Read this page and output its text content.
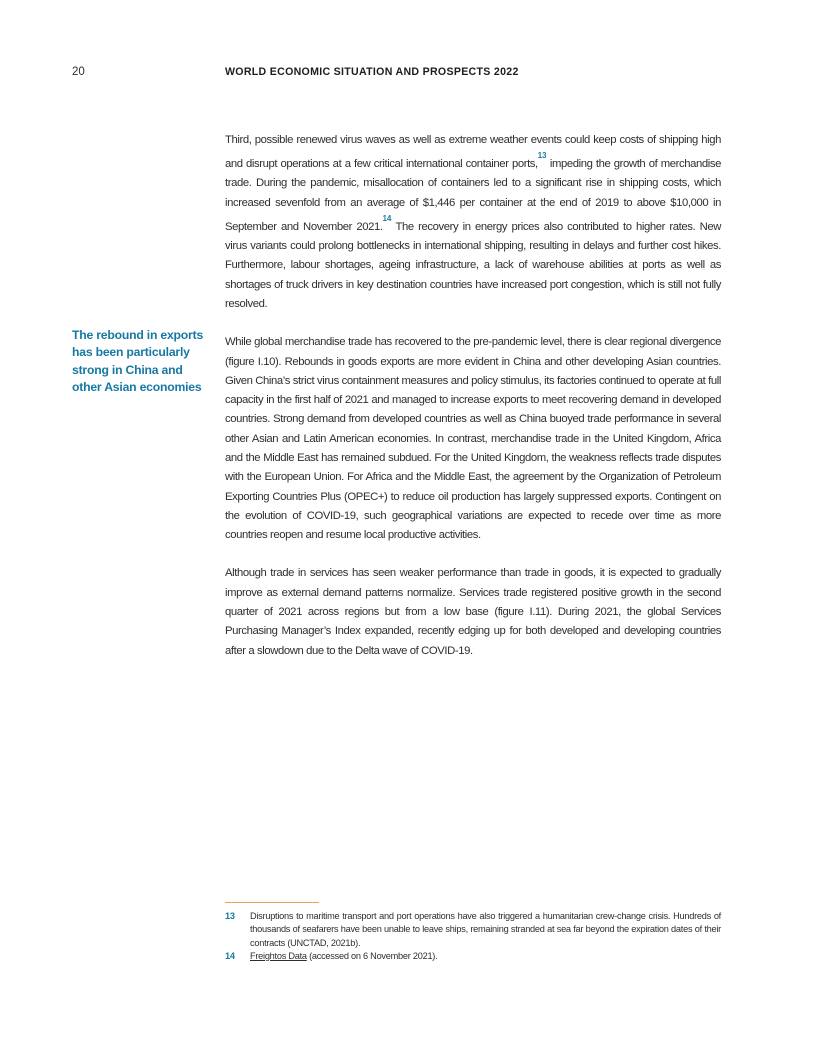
20	WORLD ECONOMIC SITUATION AND PROSPECTS 2022
The rebound in exports has been particularly strong in China and other Asian economies

Third, possible renewed virus waves as well as extreme weather events could keep costs of shipping high and disrupt operations at a few critical international container ports,$^{13}$ impeding the growth of merchandise trade. During the pandemic, misallocation of containers led to a significant rise in shipping costs, which increased sevenfold from an average of $1,446 per container at the end of 2019 to above $10,000 in September and November 2021.14 The recovery in energy prices also contributed to higher rates. New virus variants could prolong bottlenecks in international shipping, resulting in delays and further cost hikes. Furthermore, labour shortages, ageing infrastructure, a lack of warehouse abilities at ports as well as shortages of truck drivers in key destination countries have increased port congestion, which is still not fully resolved.

While global merchandise trade has recovered to the pre-pandemic level, there is clear regional divergence (figure I.10). Rebounds in goods exports are more evident in China and other developing Asian countries. Given China’s strict virus containment measures and policy stimulus, its factories continued to operate at full capacity in the first half of 2021 and managed to increase exports to meet recovering demand in developed countries. Strong demand from developed countries as well as China buoyed trade performance in several other Asian and Latin American economies. In contrast, merchandise trade in the United Kingdom, Africa and the Middle East has remained subdued. For the United Kingdom, the weakness reflects trade disputes with the European Union. For Africa and the Middle East, the agreement by the Organization of Petroleum Exporting Countries Plus (OPEC+) to reduce oil production has largely suppressed exports. Contingent on the evolution of COVID-19, such geographical variations are expected to recede over time as more countries reopen and resume local productive activities.

Although trade in services has seen weaker performance than trade in goods, it is expected to gradually improve as external demand patterns normalize. Services trade registered positive growth in the second quarter of 2021 across regions but from a low base (figure I.11). During 2021, the global Services Purchasing Manager’s Index expanded, recently edging up for both developed and developing countries after a slowdown due to the Delta wave of COVID-19.

13	Disruptions to maritime transport and port operations have also triggered a humanitarian crew-change crisis. Hundreds of thousands of seafarers have been unable to leave ships, remaining stranded at sea far beyond the expiration dates of their contracts (UNCTAD, 2021b).
14	Freightos Data (accessed on 6 November 2021).
